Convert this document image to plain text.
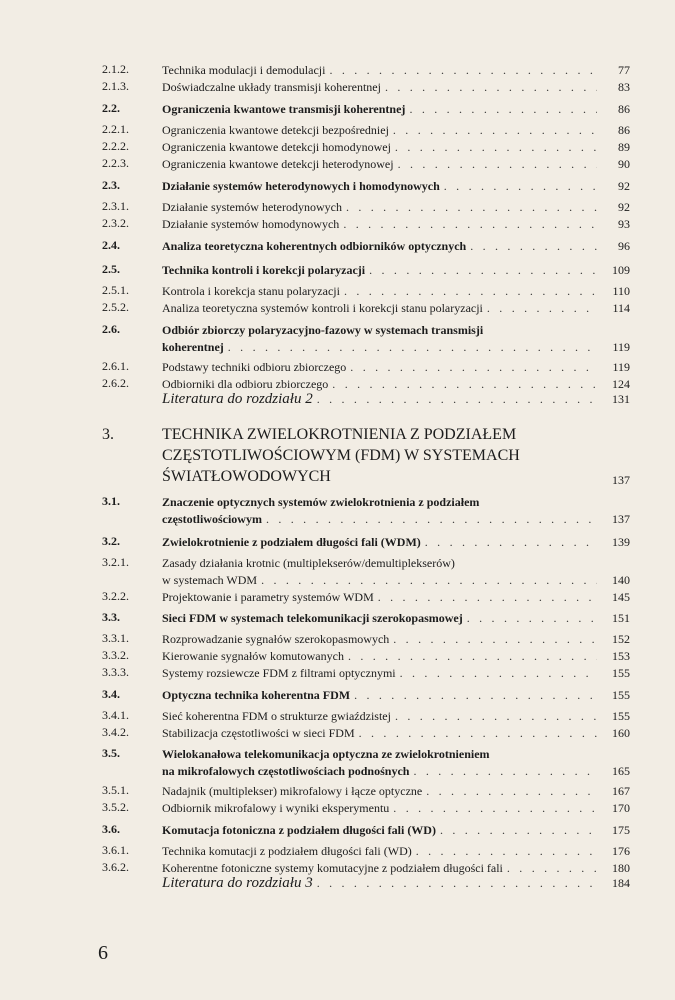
2.1.2.	Technika modulacji i demodulacji . . .	77
2.1.3.	Doświadczalne układy transmisji koherentnej . . .	83
2.2.	Ograniczenia kwantowe transmisji koherentnej . . .	86
2.2.1.	Ograniczenia kwantowe detekcji bezpośredniej . . .	86
2.2.2.	Ograniczenia kwantowe detekcji homodynowej . . .	89
2.2.3.	Ograniczenia kwantowe detekcji heterodynowej . . .	90
2.3.	Działanie systemów heterodynowych i homodynowych . . .	92
2.3.1.	Działanie systemów heterodynowych . . .	92
2.3.2.	Działanie systemów homodynowych . . .	93
2.4.	Analiza teoretyczna koherentnych odbiorników optycznych . . .	96
2.5.	Technika kontroli i korekcji polaryzacji . . .	109
2.5.1.	Kontrola i korekcja stanu polaryzacji . . .	110
2.5.2.	Analiza teoretyczna systemów kontroli i korekcji stanu polaryzacji . . .	114
2.6.	Odbiór zbiorczy polaryzacyjno-fazowy w systemach transmisji
koherentnej . . .	119
2.6.1.	Podstawy techniki odbioru zbiorczego . . .	119
2.6.2.	Odbiorniki dla odbioru zbiorczego . . .	124
Literatura do rozdziału 2 . . .	131
3.	TECHNIKA ZWIELOKROTNIENIA Z PODZIAŁEM
CZĘSTOTLIWOŚCIOWYM (FDM) W SYSTEMACH
ŚWIATŁOWODOWYCH	137
3.1.	Znaczenie optycznych systemów zwielokrotnienia z podziałem
częstotliwościowym . . .	137
3.2.	Zwielokrotnienie z podziałem długości fali (WDM) . . .	139
3.2.1.	Zasady działania krotnic (multiplekserów/demultiplekserów)
w systemach WDM . . .	140
3.2.2.	Projektowanie i parametry systemów WDM . . .	145
3.3.	Sieci FDM w systemach telekomunikacji szerokopasmowej . . .	151
3.3.1.	Rozprowadzanie sygnałów szerokopasmowych . . .	152
3.3.2.	Kierowanie sygnałów komutowanych . . .	153
3.3.3.	Systemy rozsiewcze FDM z filtrami optycznymi . . .	155
3.4.	Optyczna technika koherentna FDM . . .	155
3.4.1.	Sieć koherentna FDM o strukturze gwiaździstej . . .	155
3.4.2.	Stabilizacja częstotliwości w sieci FDM . . .	160
3.5.	Wielokanałowa telekomunikacja optyczna ze zwielokrotnieniem
na mikrofalowych częstotliwościach podnośnych . . .	165
3.5.1.	Nadajnik (multiplekser) mikrofalowy i łącze optyczne . . .	167
3.5.2.	Odbiornik mikrofalowy i wyniki eksperymentu . . .	170
3.6.	Komutacja fotoniczna z podziałem długości fali (WD) . . .	175
3.6.1.	Technika komutacji z podziałem długości fali (WD) . . .	176
3.6.2.	Koherentne fotoniczne systemy komutacyjne z podziałem długości fali . . .	180
Literatura do rozdziału 3 . . .	184
6
